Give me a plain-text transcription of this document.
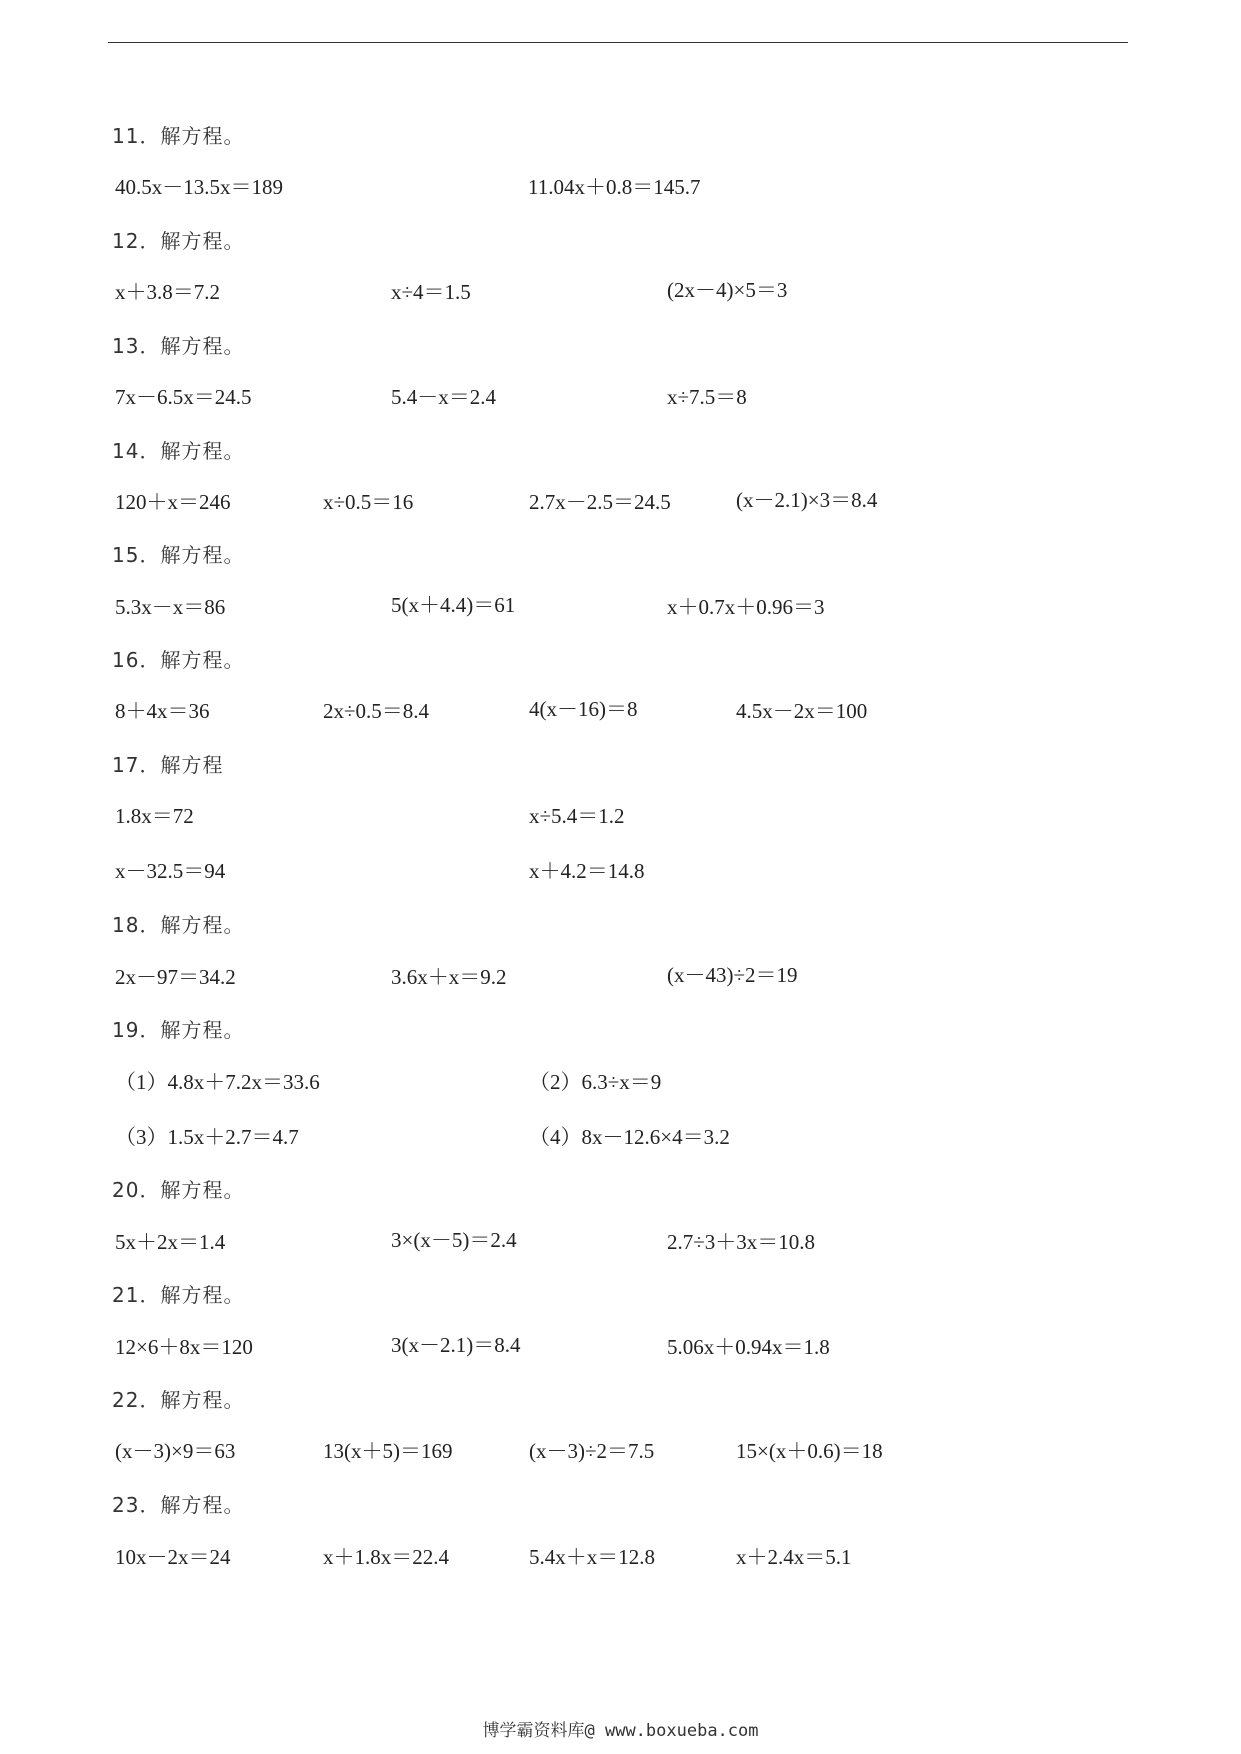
11．解方程。
40.5x－13.5x＝189	11.04x＋0.8＝145.7
12．解方程。
x＋3.8＝7.2	x÷4＝1.5	(2x－4)×5＝3
13．解方程。
7x－6.5x＝24.5	5.4－x＝2.4	x÷7.5＝8
14．解方程。
120＋x＝246	x÷0.5＝16	2.7x－2.5＝24.5	(x－2.1)×3＝8.4
15．解方程。
5.3x－x＝86	5(x＋4.4)＝61	x＋0.7x＋0.96＝3
16．解方程。
8＋4x＝36	2x÷0.5＝8.4	4(x－16)＝8	4.5x－2x＝100
17．解方程
1.8x＝72	x÷5.4＝1.2
x－32.5＝94	x＋4.2＝14.8
18．解方程。
2x－97＝34.2	3.6x＋x＝9.2	(x－43)÷2＝19
19．解方程。
（1）4.8x＋7.2x＝33.6	（2）6.3÷x＝9
（3）1.5x＋2.7＝4.7	（4）8x－12.6×4＝3.2
20．解方程。
5x＋2x＝1.4	3×(x－5)＝2.4	2.7÷3＋3x＝10.8
21．解方程。
12×6＋8x＝120	3(x－2.1)＝8.4	5.06x＋0.94x＝1.8
22．解方程。
(x－3)×9＝63	13(x＋5)＝169	(x－3)÷2＝7.5	15×(x＋0.6)＝18
23．解方程。
10x－2x＝24	x＋1.8x＝22.4	5.4x＋x＝12.8	x＋2.4x＝5.1
博学霸资料库@ www.boxueba.com
